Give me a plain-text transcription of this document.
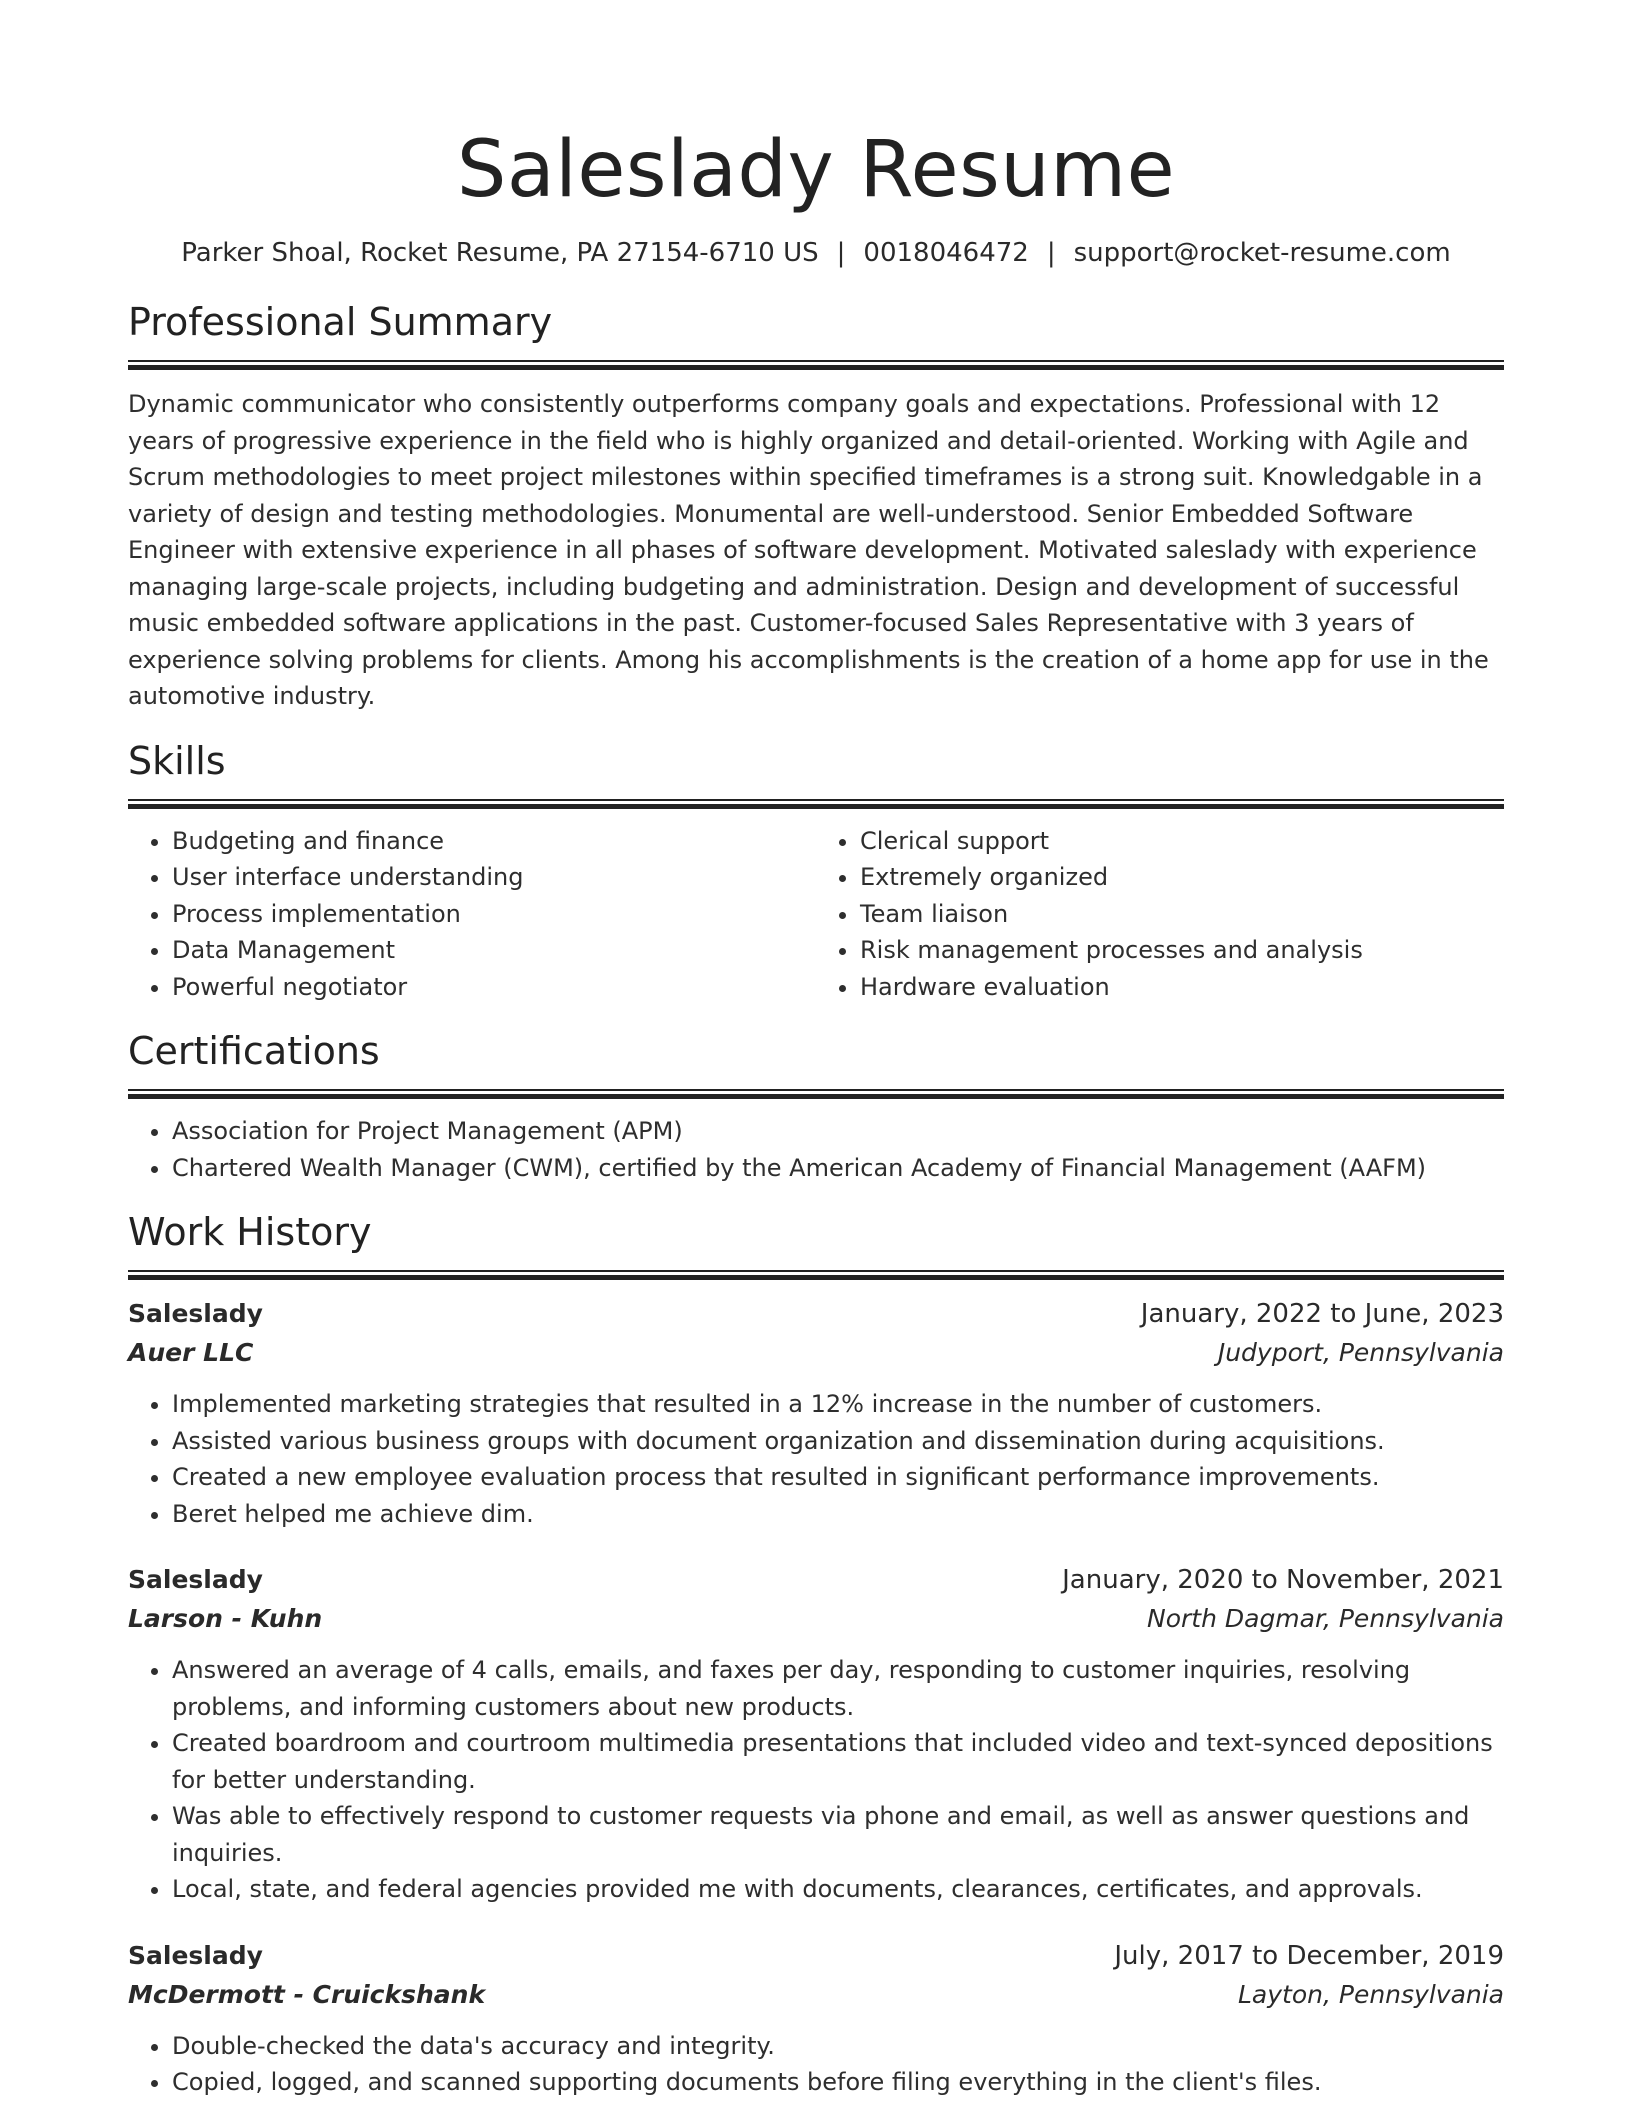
Saleslady Resume
Parker Shoal, Rocket Resume, PA 27154-6710 US | 0018046472 | support@rocket-resume.com
Professional Summary

Dynamic communicator who consistently outperforms company goals and expectations. Professional with 12 years of progressive experience in the field who is highly organized and detail-oriented. Working with Agile and Scrum methodologies to meet project milestones within specified timeframes is a strong suit. Knowledgable in a variety of design and testing methodologies. Monumental are well-understood. Senior Embedded Software Engineer with extensive experience in all phases of software development. Motivated saleslady with experience managing large-scale projects, including budgeting and administration. Design and development of successful music embedded software applications in the past. Customer-focused Sales Representative with 3 years of experience solving problems for clients. Among his accomplishments is the creation of a home app for use in the automotive industry.

Skills
• Budgeting and finance
• User interface understanding
• Process implementation
• Data Management
• Powerful negotiator
• Clerical support
• Extremely organized
• Team liaison
• Risk management processes and analysis
• Hardware evaluation
Certifications
• Association for Project Management (APM)
• Chartered Wealth Manager (CWM), certified by the American Academy of Financial Management (AAFM)
Work History
Saleslady	January, 2022 to June, 2023
Auer LLC	Judyport, Pennsylvania
• Implemented marketing strategies that resulted in a 12% increase in the number of customers.
• Assisted various business groups with document organization and dissemination during acquisitions.
• Created a new employee evaluation process that resulted in significant performance improvements.
• Beret helped me achieve dim.
Saleslady	January, 2020 to November, 2021
Larson - Kuhn	North Dagmar, Pennsylvania
• Answered an average of 4 calls, emails, and faxes per day, responding to customer inquiries, resolving problems, and informing customers about new products.
• Created boardroom and courtroom multimedia presentations that included video and text-synced depositions for better understanding.
• Was able to effectively respond to customer requests via phone and email, as well as answer questions and inquiries.
• Local, state, and federal agencies provided me with documents, clearances, certificates, and approvals.
Saleslady	July, 2017 to December, 2019
McDermott - Cruickshank	Layton, Pennsylvania
• Double-checked the data's accuracy and integrity.
• Copied, logged, and scanned supporting documents before filing everything in the client's files.
